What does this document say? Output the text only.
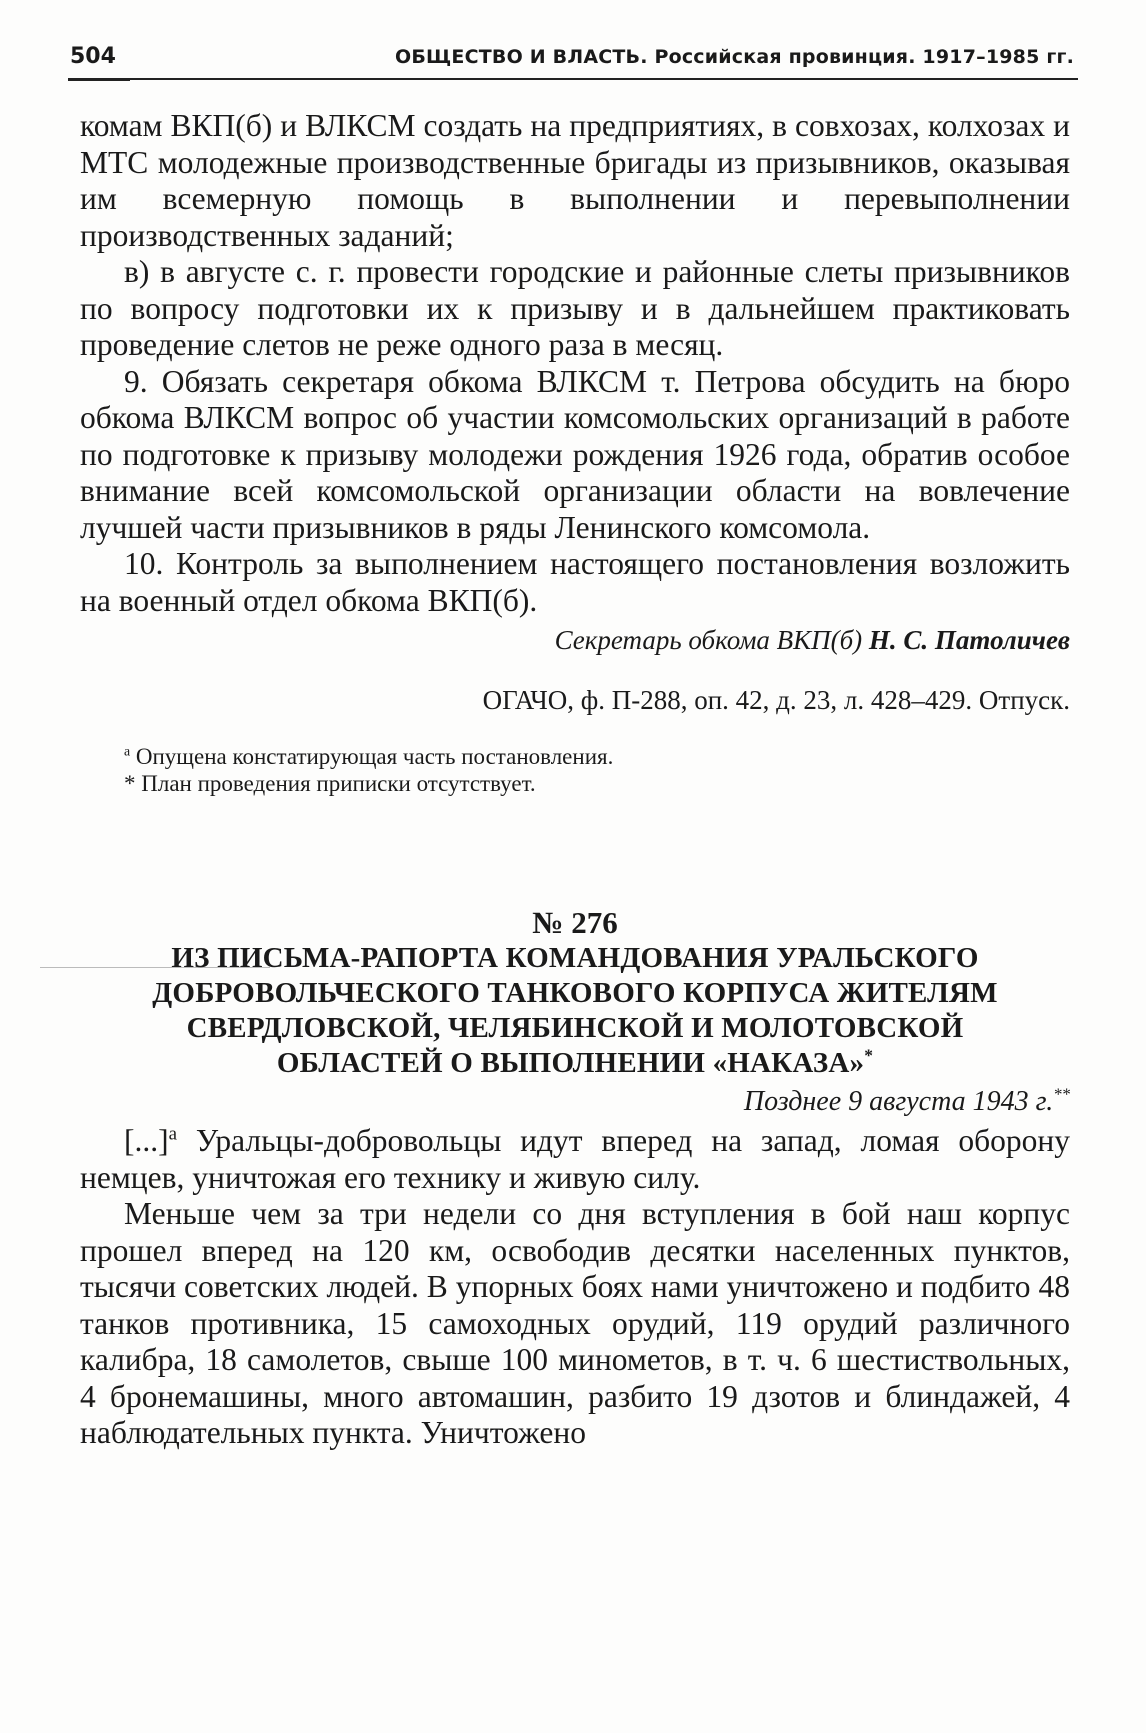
504	ОБЩЕСТВО И ВЛАСТЬ. Российская провинция. 1917–1985 гг.

комам ВКП(б) и ВЛКСМ создать на предприятиях, в совхозах, колхозах и МТС молодежные производственные бригады из призывников, оказывая им всемерную помощь в выполнении и перевыполнении производственных заданий;

в) в августе с. г. провести городские и районные слеты призывников по вопросу подготовки их к призыву и в дальнейшем практиковать проведение слетов не реже одного раза в месяц.

9. Обязать секретаря обкома ВЛКСМ т. Петрова обсудить на бюро обкома ВЛКСМ вопрос об участии комсомольских организаций в работе по подготовке к призыву молодежи рождения 1926 года, обратив особое внимание всей комсомольской организации области на вовлечение лучшей части призывников в ряды Ленинского комсомола.

10. Контроль за выполнением настоящего постановления возложить на военный отдел обкома ВКП(б).

Секретарь обкома ВКП(б) Н. С. Патоличев

ОГАЧО, ф. П-288, оп. 42, д. 23, л. 428–429. Отпуск.

$^а$ Опущена констатирующая часть постановления.
* План проведения приписки отсутствует.

№ 276

ИЗ ПИСЬМА-РАПОРТА КОМАНДОВАНИЯ УРАЛЬСКОГО
ДОБРОВОЛЬЧЕСКОГО ТАНКОВОГО КОРПУСА ЖИТЕЛЯМ
СВЕРДЛОВСКОЙ, ЧЕЛЯБИНСКОЙ И МОЛОТОВСКОЙ
ОБЛАСТЕЙ О ВЫПОЛНЕНИИ «НАКАЗА»*

Позднее 9 августа 1943 г.**

[...]$^а$ Уральцы-добровольцы идут вперед на запад, ломая оборону немцев, уничтожая его технику и живую силу.

Меньше чем за три недели со дня вступления в бой наш корпус прошел вперед на 120 км, освободив десятки населенных пунктов, тысячи советских людей. В упорных боях нами уничтожено и подбито 48 танков противника, 15 самоходных орудий, 119 орудий различного калибра, 18 самолетов, свыше 100 минометов, в т. ч. 6 шестиствольных, 4 бронемашины, много автомашин, разбито 19 дзотов и блиндажей, 4 наблюдательных пункта. Уничтожено
